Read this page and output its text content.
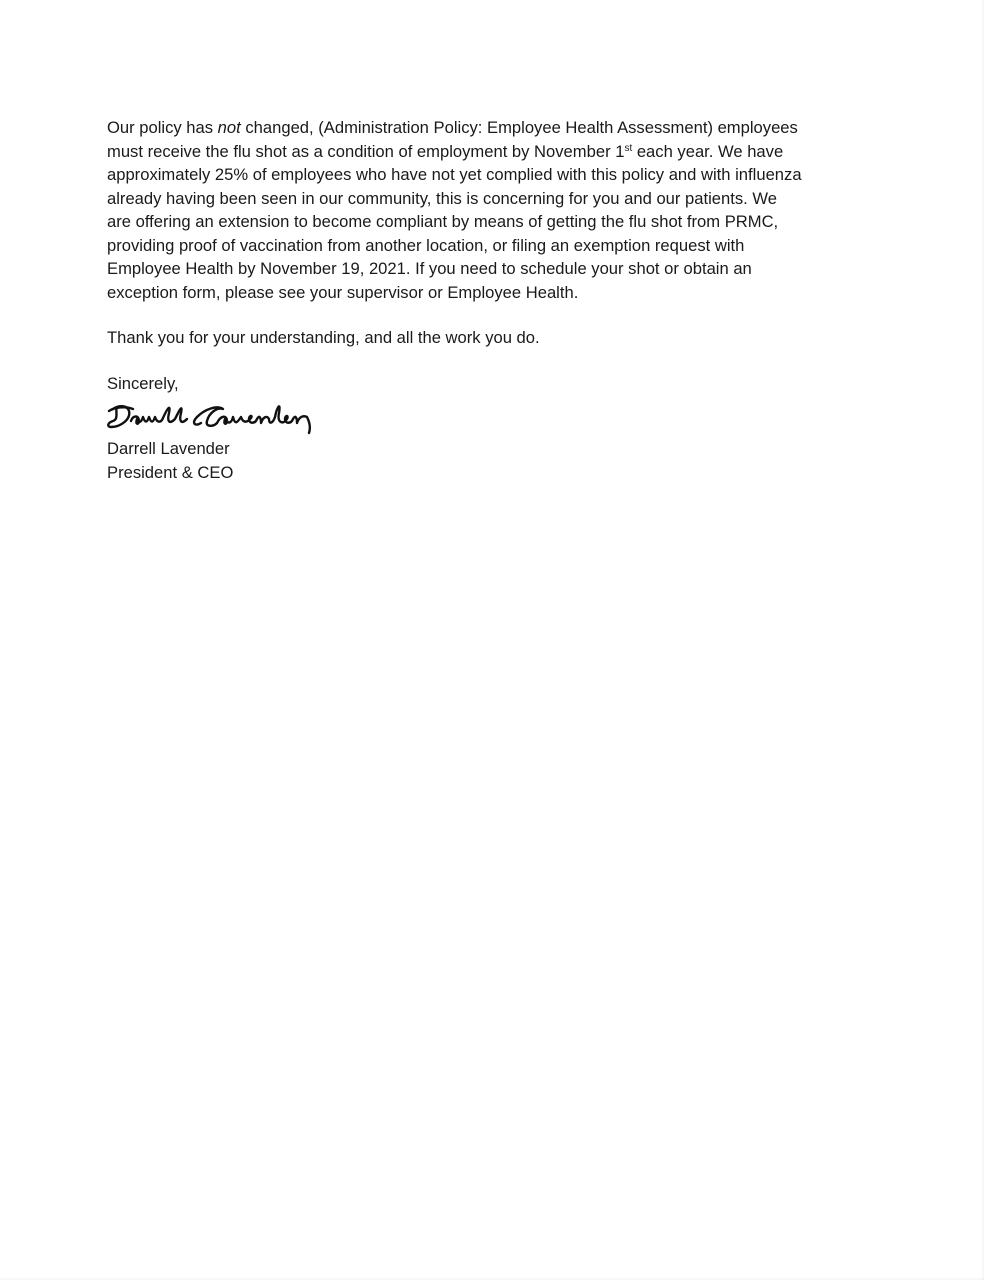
Our policy has not changed, (Administration Policy: Employee Health Assessment) employees
must receive the flu shot as a condition of employment by November 1st each year. We have
approximately 25% of employees who have not yet complied with this policy and with influenza
already having been seen in our community, this is concerning for you and our patients. We
are offering an extension to become compliant by means of getting the flu shot from PRMC,
providing proof of vaccination from another location, or filing an exemption request with
Employee Health by November 19, 2021. If you need to schedule your shot or obtain an
exception form, please see your supervisor or Employee Health.

Thank you for your understanding, and all the work you do.

Sincerely,

Darrell Lavender
President & CEO
